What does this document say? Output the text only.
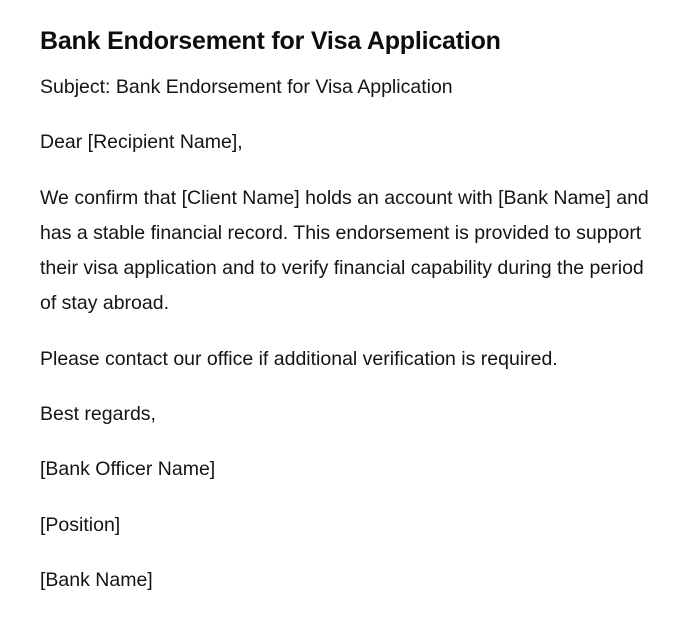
Bank Endorsement for Visa Application

Subject: Bank Endorsement for Visa Application

Dear [Recipient Name],

We confirm that [Client Name] holds an account with [Bank Name] and has a stable financial record. This endorsement is provided to support their visa application and to verify financial capability during the period of stay abroad.

Please contact our office if additional verification is required.

Best regards,

[Bank Officer Name]

[Position]

[Bank Name]
